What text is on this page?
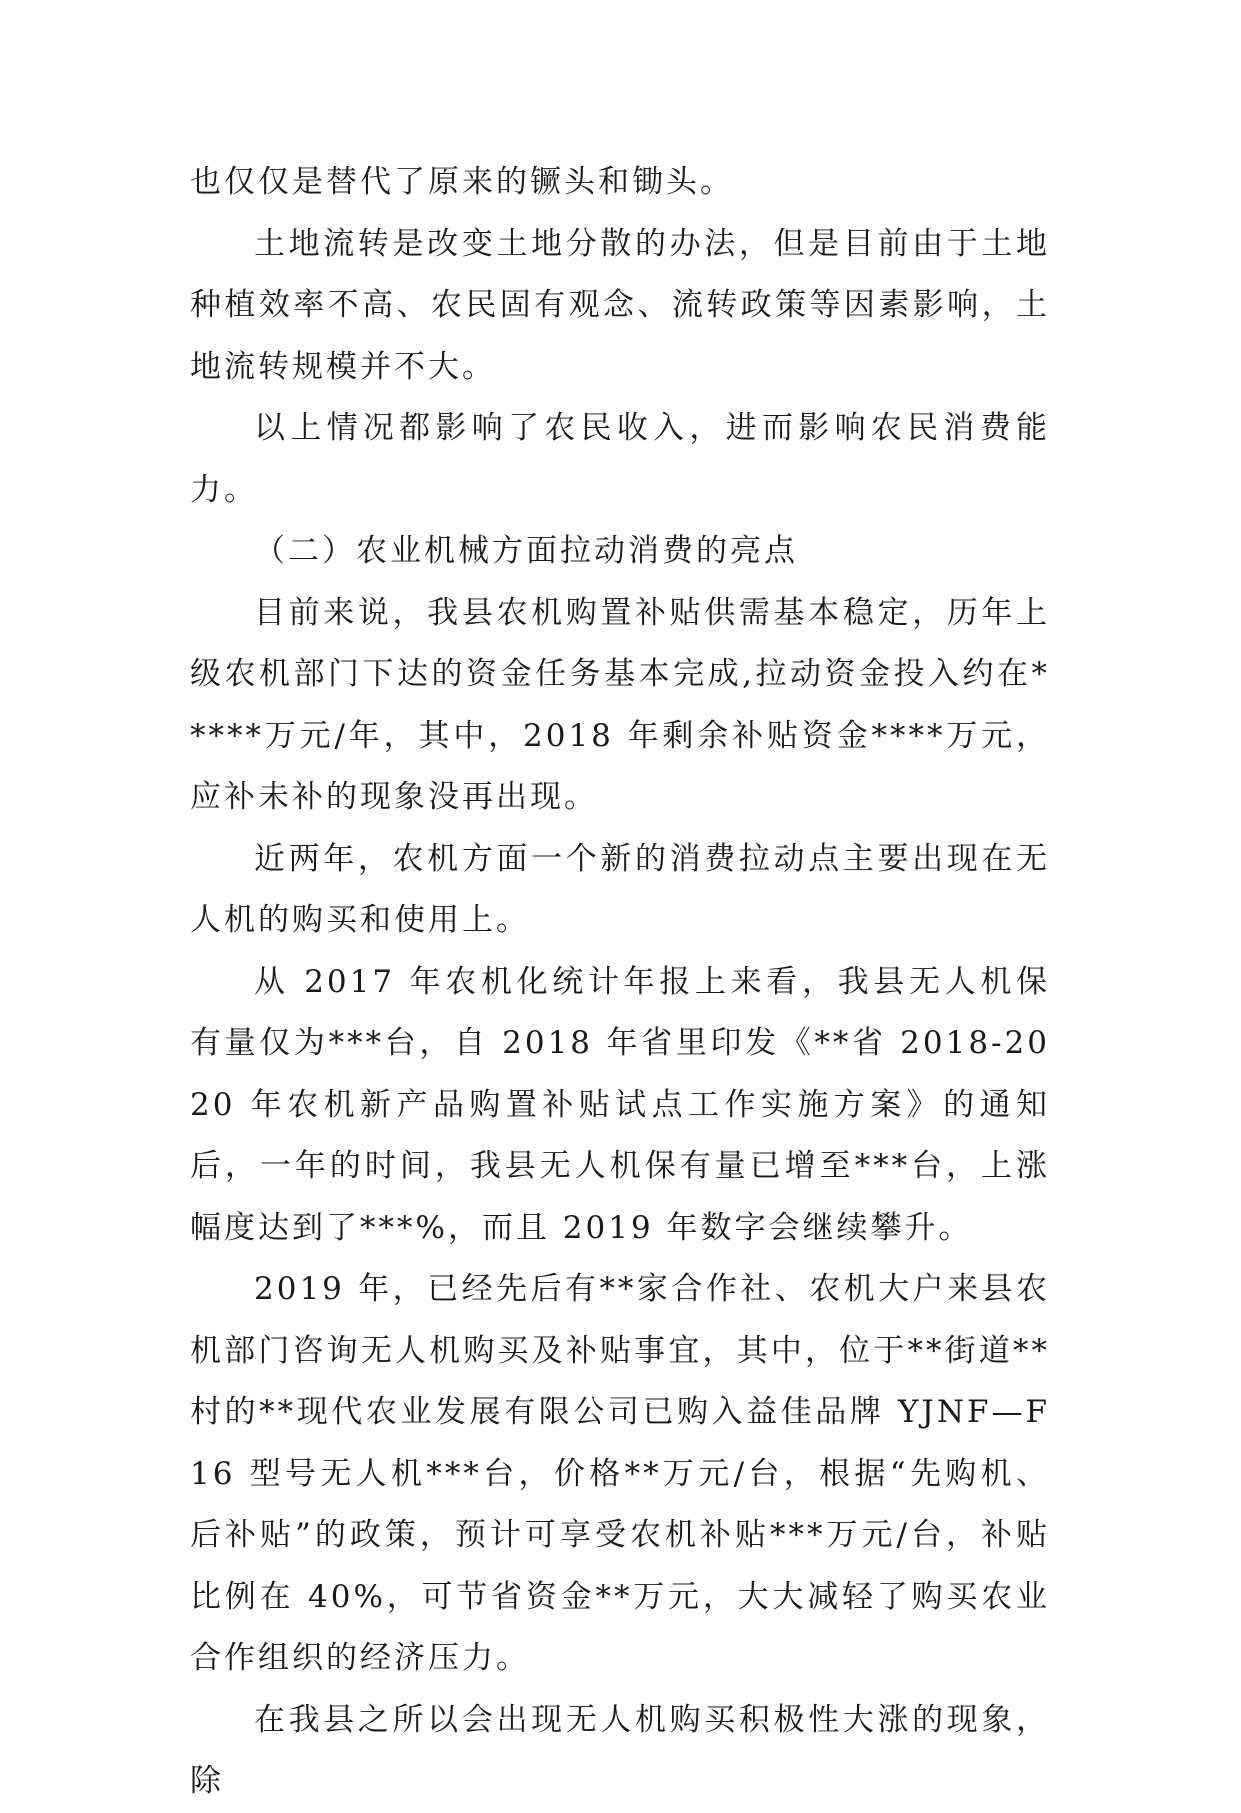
也仅仅是替代了原来的镢头和锄头。

土地流转是改变土地分散的办法，但是目前由于土地种植效率不高、农民固有观念、流转政策等因素影响，土地流转规模并不大。

以上情况都影响了农民收入，进而影响农民消费能力。

（二）农业机械方面拉动消费的亮点

目前来说，我县农机购置补贴供需基本稳定，历年上级农机部门下达的资金任务基本完成,拉动资金投入约在*****万元/年，其中，2018 年剩余补贴资金****万元，应补未补的现象没再出现。

近两年，农机方面一个新的消费拉动点主要出现在无人机的购买和使用上。

从 2017 年农机化统计年报上来看，我县无人机保有量仅为***台，自 2018 年省里印发《**省 2018-2020 年农机新产品购置补贴试点工作实施方案》的通知后，一年的时间，我县无人机保有量已增至***台，上涨幅度达到了***%，而且 2019 年数字会继续攀升。

2019 年，已经先后有**家合作社、农机大户来县农机部门咨询无人机购买及补贴事宜，其中，位于**街道**村的**现代农业发展有限公司已购入益佳品牌 YJNF—F16 型号无人机***台，价格**万元/台，根据“先购机、后补贴”的政策，预计可享受农机补贴***万元/台，补贴比例在 40%，可节省资金**万元，大大减轻了购买农业合作组织的经济压力。

在我县之所以会出现无人机购买积极性大涨的现象，除
